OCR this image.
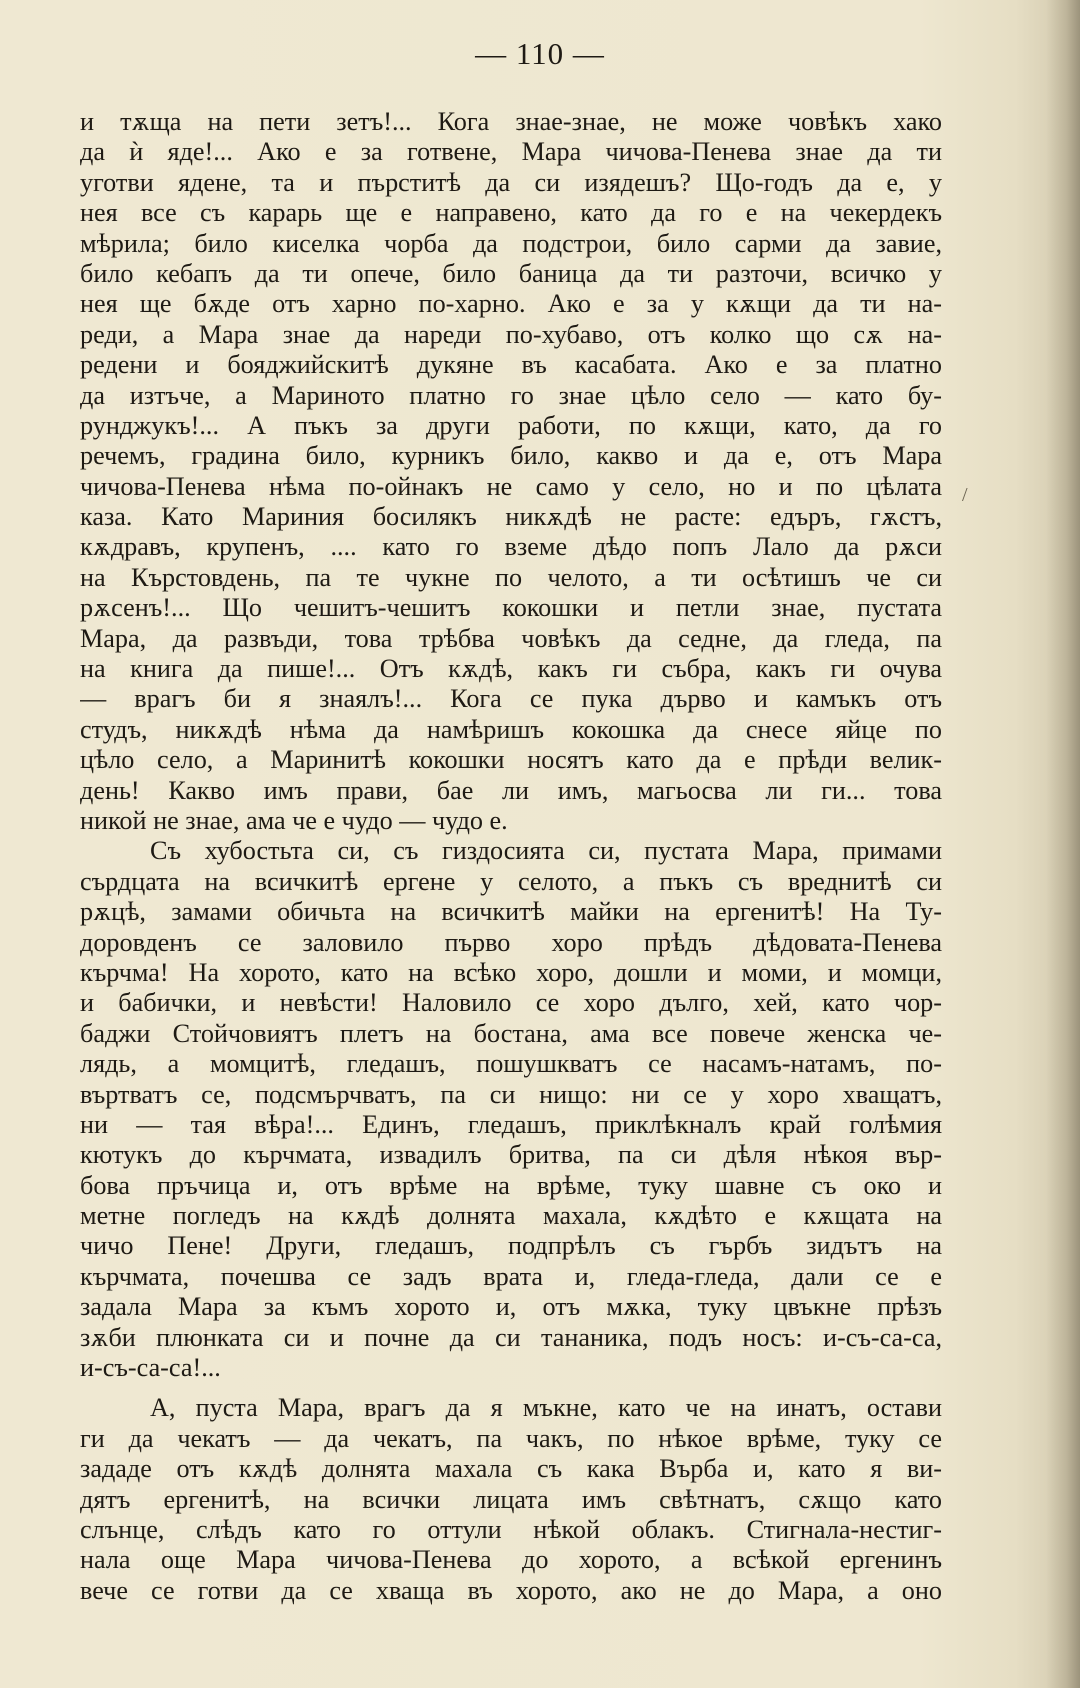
— 110 —
/
и тѫща на пети зетъ!... Кога знае-знае, не може човѣкъ хако
да ѝ яде!... Ако е за готвене, Мара чичова-Пенева знае да ти
уготви ядене, та и пърститѣ да си изядешъ? Що-годъ да е, у
нея все съ карарь ще е направено, като да го е на чекердекъ
мѣрила; било киселка чорба да подстрои, било сарми да завие,
било кебапъ да ти опече, било баница да ти разточи, всичко у
нея ще бѫде отъ харно по-харно. Ако е за у кѫщи да ти на-
реди, а Мара знае да нареди по-хубаво, отъ колко що сѫ на-
редени и бояджийскитѣ дукяне въ касабата. Ако е за платно
да изтъче, а Мариното платно го знае цѣло село — като бу-
рунджукъ!... А пъкъ за други работи, по кѫщи, като, да го
речемъ, градина било, курникъ било, какво и да е, отъ Мара
чичова-Пенева нѣма по-ойнакъ не само у село, но и по цѣлата
каза. Като Мариния босилякъ никѫдѣ не расте: едъръ, гѫстъ,
кѫдравъ, крупенъ, .... като го вземе дѣдо попъ Лало да рѫси
на Кърстовдень, па те чукне по челото, а ти осѣтишъ че си
рѫсенъ!... Що чешитъ-чешитъ кокошки и петли знае, пустата
Мара, да развъди, това трѣбва човѣкъ да седне, да гледа, па
на книга да пише!... Отъ кѫдѣ, какъ ги събра, какъ ги очува
— врагъ би я знаялъ!... Кога се пука дърво и камъкъ отъ
студъ, никѫдѣ нѣма да намѣришъ кокошка да снесе яйце по
цѣло село, а Маринитѣ кокошки носятъ като да е прѣди велик-
день! Какво имъ прави, бае ли имъ, магьосва ли ги... това
никой не знае, ама че е чудо — чудо е.
Съ хубостьта си, съ гиздосията си, пустата Мара, примами
сърдцата на всичкитѣ ергене у селото, а пъкъ съ вреднитѣ си
рѫцѣ, замами обичьта на всичкитѣ майки на ергенитѣ! На Ту-
доровденъ се заловило първо хоро прѣдъ дѣдовата-Пенева
кърчма! На хорото, като на всѣко хоро, дошли и моми, и момци,
и бабички, и невѣсти! Наловило се хоро дълго, хей, като чор-
баджи Стойчовиятъ плетъ на бостана, ама все повече женска че-
лядь, а момцитѣ, гледашъ, пошушкватъ се насамъ-натамъ, по-
въртватъ се, подсмърчватъ, па си нищо: ни се у хоро хващатъ,
ни — тая вѣра!... Единъ, гледашъ, приклѣкналъ край голѣмия
кютукъ до кърчмата, извадилъ бритва, па си дѣля нѣкоя вър-
бова пръчица и, отъ врѣме на врѣме, туку шавне съ око и
метне погледъ на кѫдѣ долнята махала, кѫдѣто е кѫщата на
чичо Пене! Други, гледашъ, подпрѣлъ съ гърбъ зидътъ на
кърчмата, почешва се задъ врата и, гледа-гледа, дали се е
задала Мара за къмъ хорото и, отъ мѫка, туку цвъкне прѣзъ
зѫби плюнката си и почне да си тананика, подъ носъ: и-съ-са-са,
и-съ-са-са!...
А, пуста Мара, врагъ да я мъкне, като че на инатъ, остави
ги да чекатъ — да чекатъ, па чакъ, по нѣкое врѣме, туку се
зададе отъ кѫдѣ долнята махала съ кака Върба и, като я ви-
дятъ ергенитѣ, на всички лицата имъ свѣтнатъ, сѫщо като
слънце, слѣдъ като го оттули нѣкой облакъ. Стигнала-нестиг-
нала още Мара чичова-Пенева до хорото, а всѣкой ергенинъ
вече се готви да се хваща въ хорото, ако не до Мара, а оно
